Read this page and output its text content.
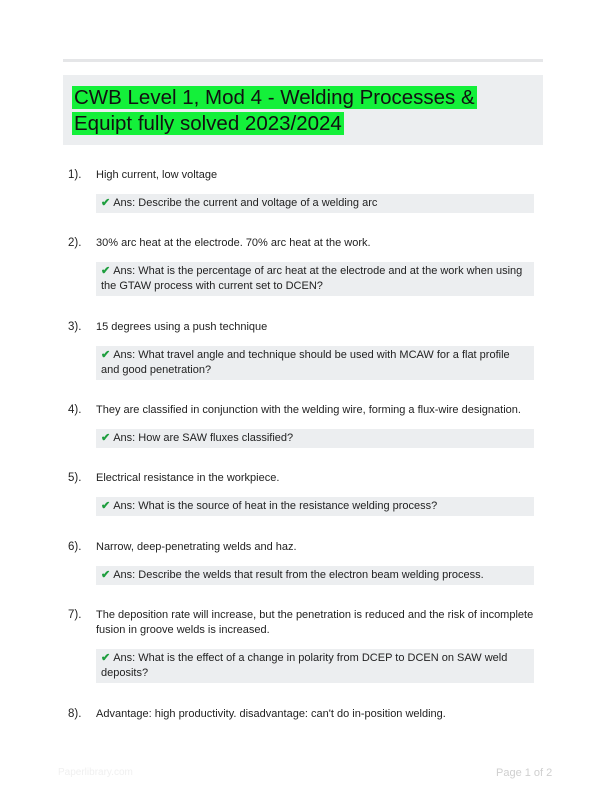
CWB Level 1, Mod 4 - Welding Processes & Equipt fully solved 2023/2024
1). High current, low voltage
✔ Ans: Describe the current and voltage of a welding arc
2). 30% arc heat at the electrode. 70% arc heat at the work.
✔ Ans: What is the percentage of arc heat at the electrode and at the work when using the GTAW process with current set to DCEN?
3). 15 degrees using a push technique
✔ Ans: What travel angle and technique should be used with MCAW for a flat profile and good penetration?
4). They are classified in conjunction with the welding wire, forming a flux-wire designation.
✔ Ans: How are SAW fluxes classified?
5). Electrical resistance in the workpiece.
✔ Ans: What is the source of heat in the resistance welding process?
6). Narrow, deep-penetrating welds and haz.
✔ Ans: Describe the welds that result from the electron beam welding process.
7). The deposition rate will increase, but the penetration is reduced and the risk of incomplete fusion in groove welds is increased.
✔ Ans: What is the effect of a change in polarity from DCEP to DCEN on SAW weld deposits?
8). Advantage: high productivity. disadvantage: can't do in-position welding.
Paperlibrary.com	Page 1 of 2
